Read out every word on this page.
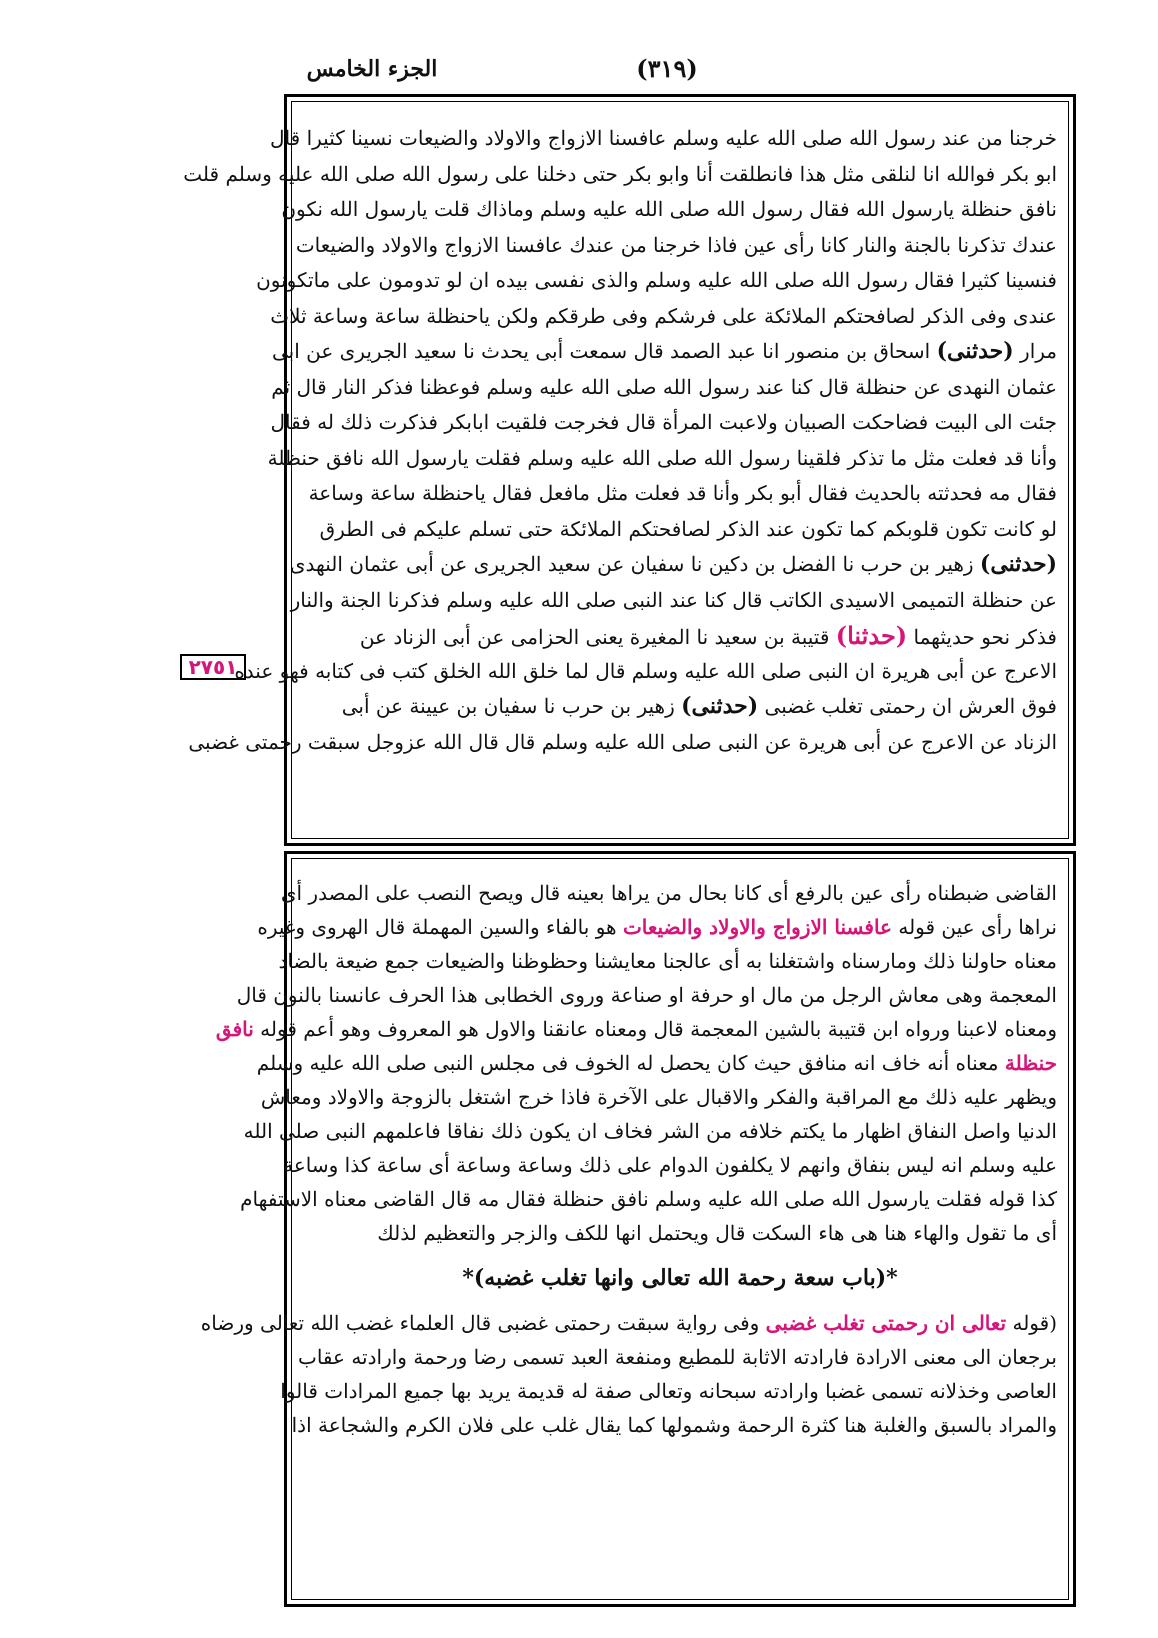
الجزء الخامس	(٣١٩)
٢٧٥١
خرجنا من عند رسول الله صلى الله عليه وسلم عافسنا الازواج والاولاد والضيعات نسينا كثيرا قال
ابو بكر فوالله انا لنلقى مثل هذا فانطلقت أنا وابو بكر حتى دخلنا على رسول الله صلى الله عليه وسلم قلت
نافق حنظلة يارسول الله فقال رسول الله صلى الله عليه وسلم وماذاك قلت يارسول الله نكون
عندك تذكرنا بالجنة والنار كانا رأى عين فاذا خرجنا من عندك عافسنا الازواج والاولاد والضيعات
فنسينا كثيرا فقال رسول الله صلى الله عليه وسلم والذى نفسى بيده ان لو تدومون على ماتكونون
عندى وفى الذكر لصافحتكم الملائكة على فرشكم وفى طرقكم ولكن ياحنظلة ساعة وساعة ثلاث
مرار (حدثنى) اسحاق بن منصور انا عبد الصمد قال سمعت أبى يحدث نا سعيد الجريرى عن ابى
عثمان النهدى عن حنظلة قال كنا عند رسول الله صلى الله عليه وسلم فوعظنا فذكر النار قال ثم
جئت الى البيت فضاحكت الصبيان ولاعبت المرأة قال فخرجت فلقيت ابابكر فذكرت ذلك له فقال
وأنا قد فعلت مثل ما تذكر فلقينا رسول الله صلى الله عليه وسلم فقلت يارسول الله نافق حنظلة
فقال مه فحدثته بالحديث فقال أبو بكر وأنا قد فعلت مثل مافعل فقال ياحنظلة ساعة وساعة
لو كانت تكون قلوبكم كما تكون عند الذكر لصافحتكم الملائكة حتى تسلم عليكم فى الطرق
(حدثنى) زهير بن حرب نا الفضل بن دكين نا سفيان عن سعيد الجريرى عن أبى عثمان النهدى
عن حنظلة التميمى الاسيدى الكاتب قال كنا عند النبى صلى الله عليه وسلم فذكرنا الجنة والنار
فذكر نحو حديثهما (حدثنا) قتيبة بن سعيد نا المغيرة يعنى الحزامى عن أبى الزناد عن
الاعرج عن أبى هريرة ان النبى صلى الله عليه وسلم قال لما خلق الله الخلق كتب فى كتابه فهو عنده
فوق العرش ان رحمتى تغلب غضبى (حدثنى) زهير بن حرب نا سفيان بن عيينة عن أبى
الزناد عن الاعرج عن أبى هريرة عن النبى صلى الله عليه وسلم قال قال الله عزوجل سبقت رحمتى غضبى
القاضى ضبطناه رأى عين بالرفع أى كانا بحال من يراها بعينه قال ويصح النصب على المصدر أى
نراها رأى عين قوله عافسنا الازواج والاولاد والضيعات هو بالفاء والسين المهملة قال الهروى وغيره
معناه حاولنا ذلك ومارسناه واشتغلنا به أى عالجنا معايشنا وحظوظنا والضيعات جمع ضيعة بالضاد
المعجمة وهى معاش الرجل من مال او حرفة او صناعة وروى الخطابى هذا الحرف عانسنا بالنون قال
ومعناه لاعبنا ورواه ابن قتيبة بالشين المعجمة قال ومعناه عانقنا والاول هو المعروف وهو أعم قوله نافق
حنظلة معناه أنه خاف انه منافق حيث كان يحصل له الخوف فى مجلس النبى صلى الله عليه وسلم
ويظهر عليه ذلك مع المراقبة والفكر والاقبال على الآخرة فاذا خرج اشتغل بالزوجة والاولاد ومعاش
الدنيا واصل النفاق اظهار ما يكتم خلافه من الشر فخاف ان يكون ذلك نفاقا فاعلمهم النبى صلى الله
عليه وسلم انه ليس بنفاق وانهم لا يكلفون الدوام على ذلك وساعة وساعة أى ساعة كذا وساعة
كذا قوله فقلت يارسول الله صلى الله عليه وسلم نافق حنظلة فقال مه قال القاضى معناه الاستفهام
أى ما تقول والهاء هنا هى هاء السكت قال ويحتمل انها للكف والزجر والتعظيم لذلك
*(باب سعة رحمة الله تعالى وانها تغلب غضبه)*
(قوله تعالى ان رحمتى تغلب غضبى وفى رواية سبقت رحمتى غضبى قال العلماء غضب الله تعالى ورضاه
برجعان الى معنى الارادة فارادته الاثابة للمطيع ومنفعة العبد تسمى رضا ورحمة وارادته عقاب
العاصى وخذلانه تسمى غضبا وارادته سبحانه وتعالى صفة له قديمة يريد بها جميع المرادات قالوا
والمراد بالسبق والغلبة هنا كثرة الرحمة وشمولها كما يقال غلب على فلان الكرم والشجاعة اذا
